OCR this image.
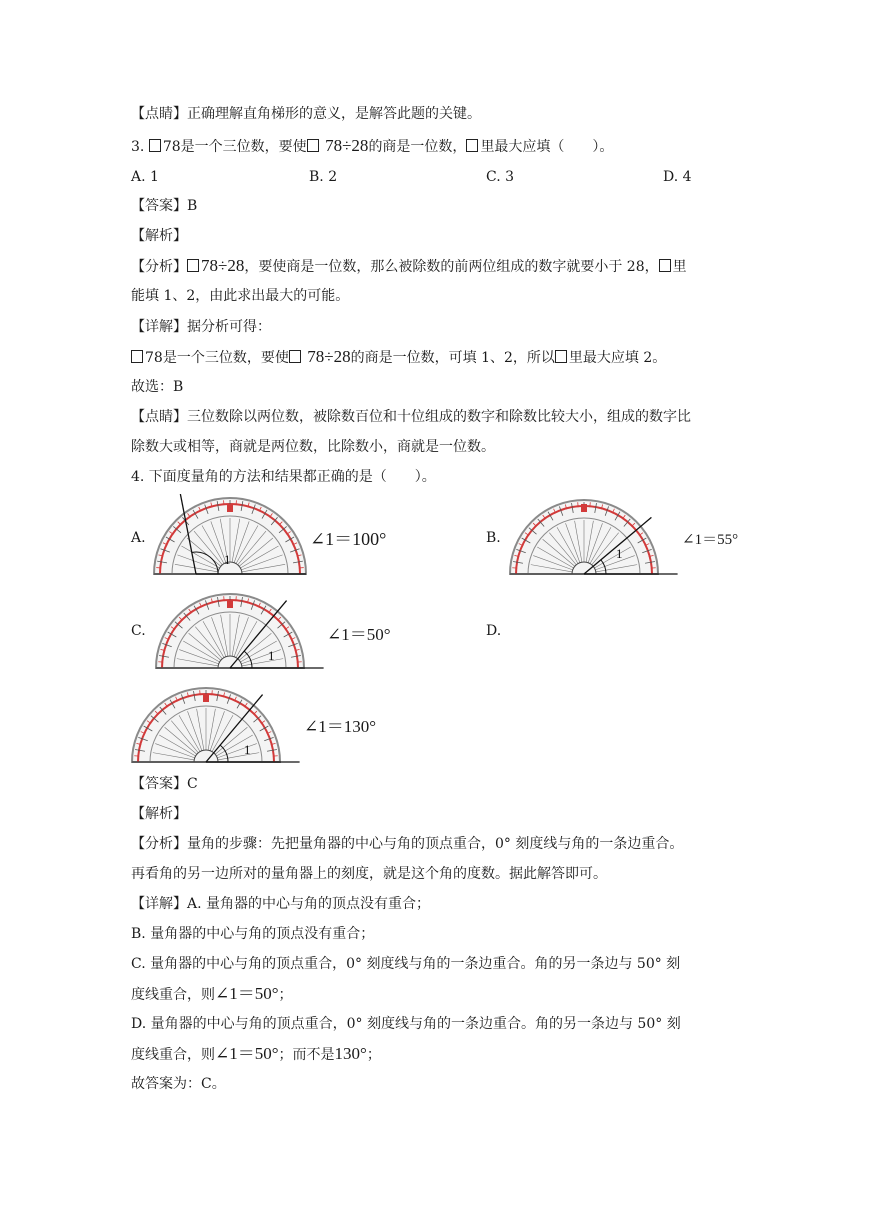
【点睛】正确理解直角梯形的意义，是解答此题的关键。
3. 78是一个三位数，要使 78÷28的商是一位数， 里最大应填（　　）。
A. 1	B. 2	C. 3	D. 4
【答案】B
【解析】
【分析】 78÷28，要使商是一位数，那么被除数的前两位组成的数字就要小于 28， 里
能填 1、2，由此求出最大的可能。
【详解】据分析可得：
78是一个三位数，要使 78÷28的商是一位数，可填 1、2，所以 里最大应填 2。
故选：B
【点睛】三位数除以两位数，被除数百位和十位组成的数字和除数比较大小，组成的数字比
除数大或相等，商就是两位数，比除数小，商就是一位数。
4. 下面度量角的方法和结果都正确的是（　　）。
A.	B.
C.	D.
1
∠1＝100°
1
∠1＝55°
1
∠1＝50°
1
∠1＝130°
【答案】C
【解析】
【分析】量角的步骤：先把量角器的中心与角的顶点重合，0° 刻度线与角的一条边重合。
再看角的另一边所对的量角器上的刻度，就是这个角的度数。据此解答即可。
【详解】A. 量角器的中心与角的顶点没有重合；
B. 量角器的中心与角的顶点没有重合；
C. 量角器的中心与角的顶点重合，0° 刻度线与角的一条边重合。角的另一条边与 50° 刻
度线重合，则∠1＝50°；
D. 量角器的中心与角的顶点重合，0° 刻度线与角的一条边重合。角的另一条边与 50° 刻
度线重合，则∠1＝50°；而不是130°；
故答案为：C。
